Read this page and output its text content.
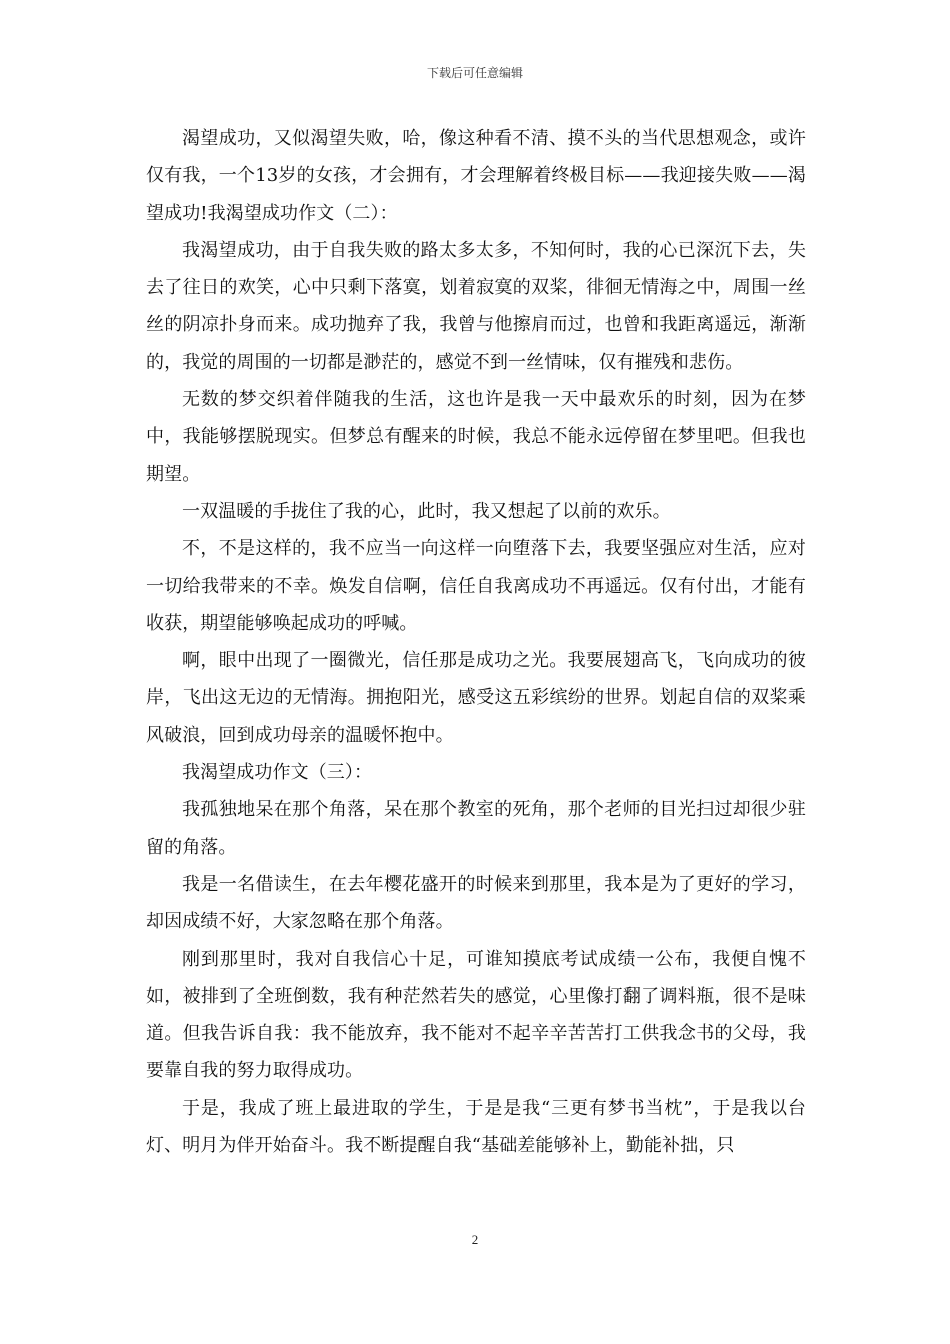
下载后可任意编辑

渴望成功，又似渴望失败，哈，像这种看不清、摸不头的当代思想观念，或许仅有我，一个13岁的女孩，才会拥有，才会理解着终极目标——我迎接失败——渴望成功!我渴望成功作文（二）：

我渴望成功，由于自我失败的路太多太多，不知何时，我的心已深沉下去，失去了往日的欢笑，心中只剩下落寞，划着寂寞的双桨，徘徊无情海之中，周围一丝丝的阴凉扑身而来。成功抛弃了我，我曾与他擦肩而过，也曾和我距离遥远，渐渐的，我觉的周围的一切都是渺茫的，感觉不到一丝情味，仅有摧残和悲伤。

无数的梦交织着伴随我的生活，这也许是我一天中最欢乐的时刻，因为在梦中，我能够摆脱现实。但梦总有醒来的时候，我总不能永远停留在梦里吧。但我也期望。

一双温暖的手拢住了我的心，此时，我又想起了以前的欢乐。

不，不是这样的，我不应当一向这样一向堕落下去，我要坚强应对生活，应对一切给我带来的不幸。焕发自信啊，信任自我离成功不再遥远。仅有付出，才能有收获，期望能够唤起成功的呼喊。

啊，眼中出现了一圈微光，信任那是成功之光。我要展翅高飞，飞向成功的彼岸，飞出这无边的无情海。拥抱阳光，感受这五彩缤纷的世界。划起自信的双桨乘风破浪，回到成功母亲的温暖怀抱中。

我渴望成功作文（三）：

我孤独地呆在那个角落，呆在那个教室的死角，那个老师的目光扫过却很少驻留的角落。

我是一名借读生，在去年樱花盛开的时候来到那里，我本是为了更好的学习，却因成绩不好，大家忽略在那个角落。

刚到那里时，我对自我信心十足，可谁知摸底考试成绩一公布，我便自愧不如，被排到了全班倒数，我有种茫然若失的感觉，心里像打翻了调料瓶，很不是味道。但我告诉自我：我不能放弃，我不能对不起辛辛苦苦打工供我念书的父母，我要靠自我的努力取得成功。

于是，我成了班上最进取的学生，于是是我“三更有梦书当枕”，于是我以台灯、明月为伴开始奋斗。我不断提醒自我“基础差能够补上，勤能补拙，只

2
